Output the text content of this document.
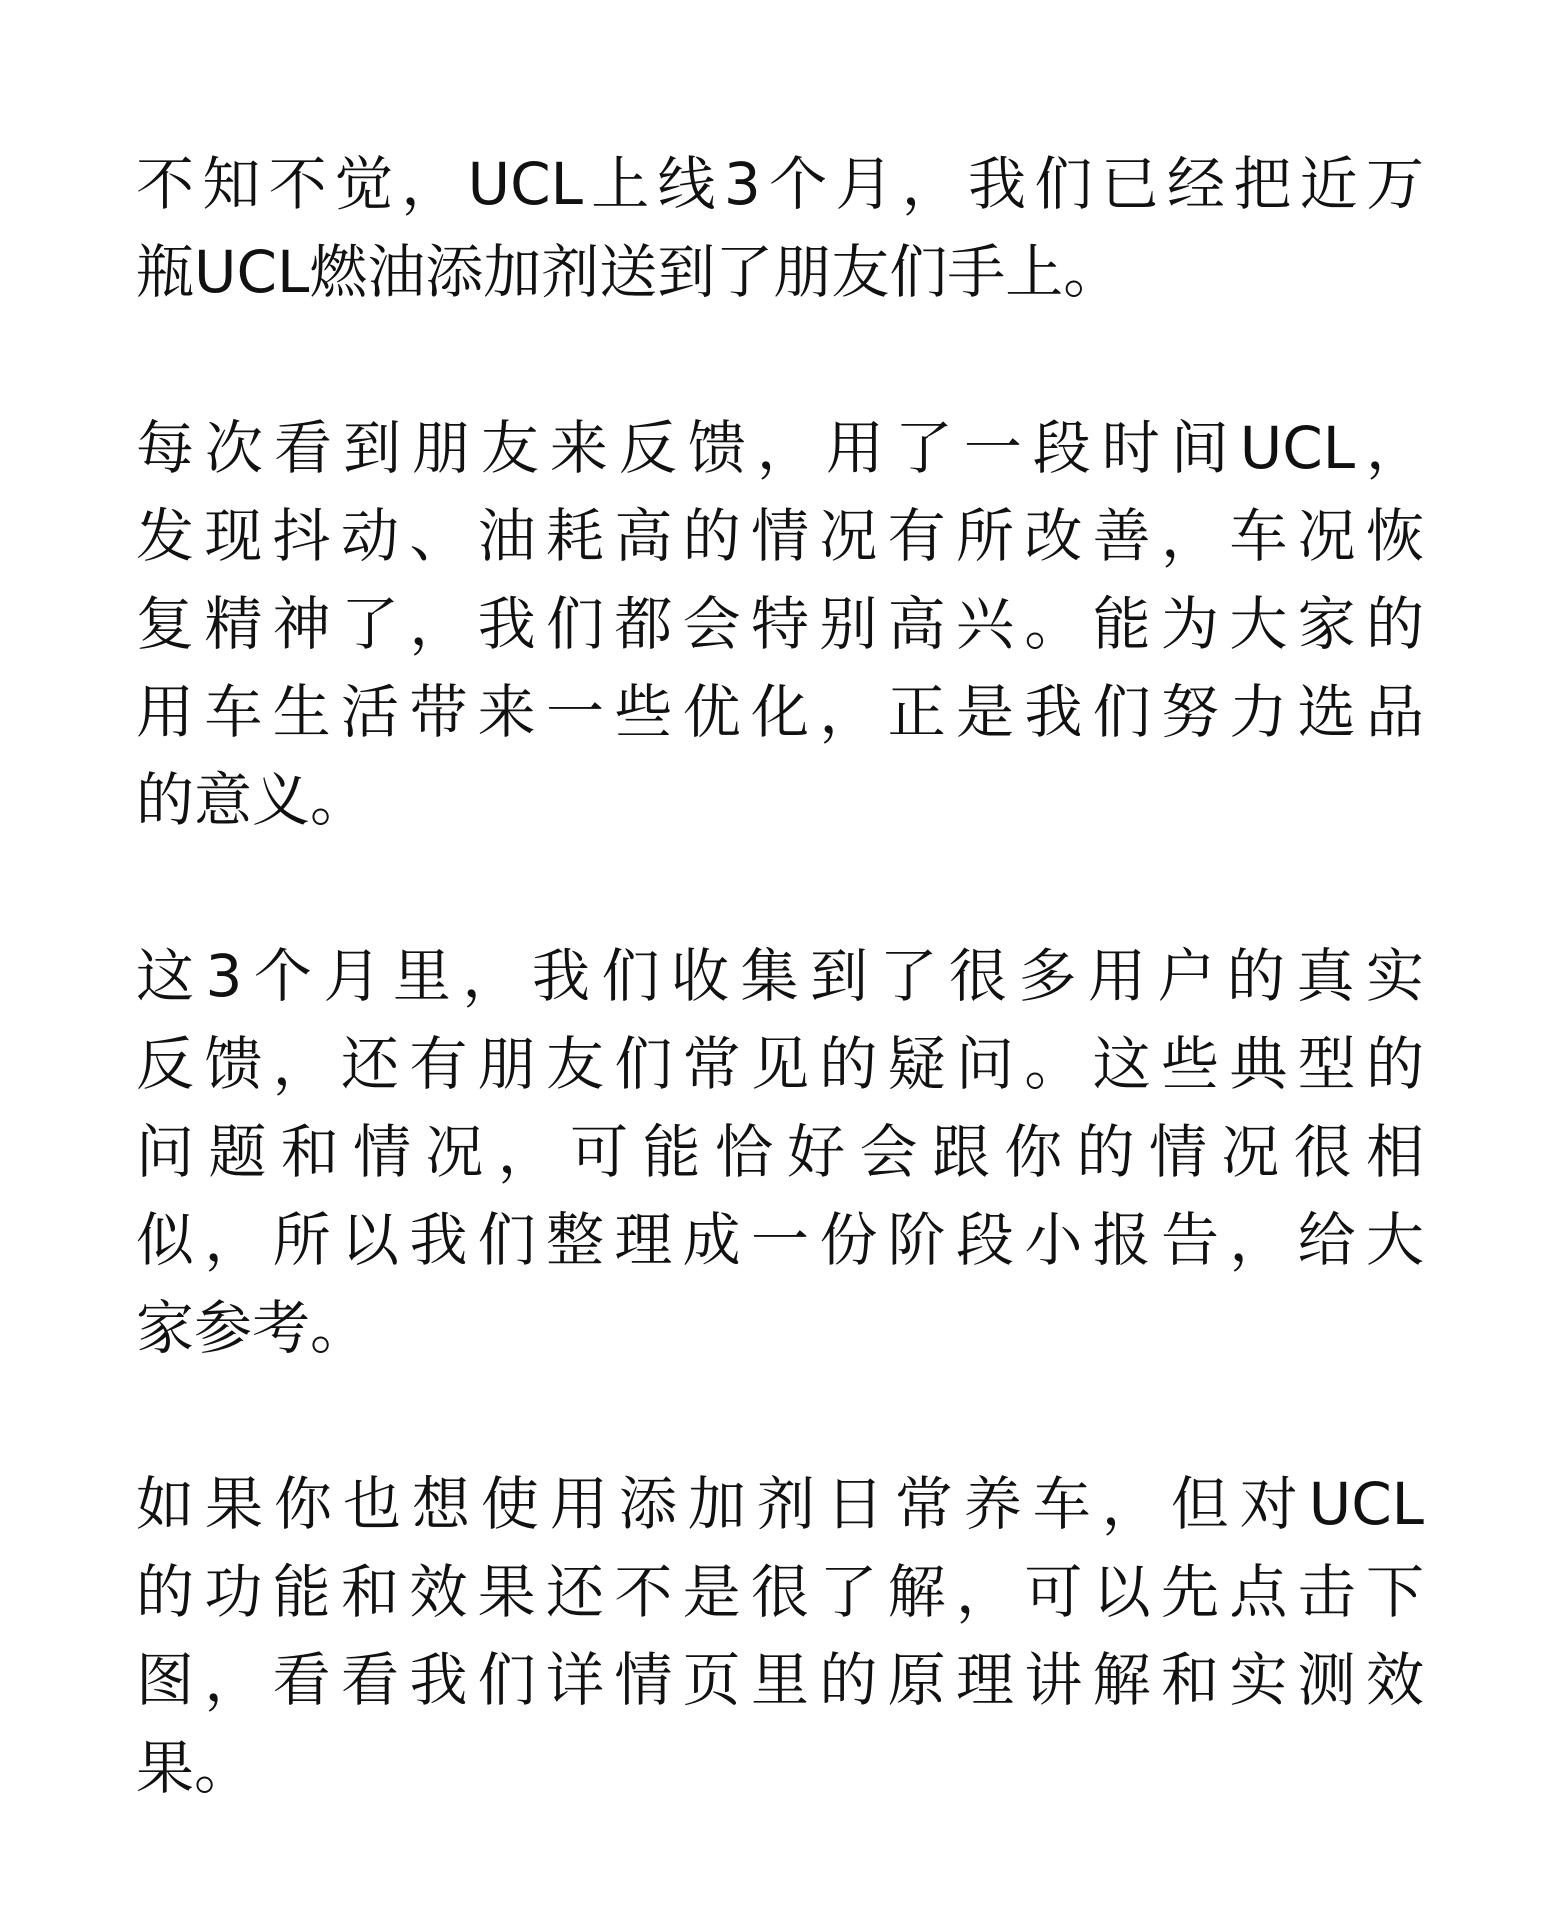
不知不觉，UCL上线3个月，我们已经把近万
瓶UCL燃油添加剂送到了朋友们手上。

每次看到朋友来反馈，用了一段时间UCL，
发现抖动、油耗高的情况有所改善，车况恢
复精神了，我们都会特别高兴。能为大家的
用车生活带来一些优化，正是我们努力选品
的意义。

这3个月里，我们收集到了很多用户的真实
反馈，还有朋友们常见的疑问。这些典型的
问题和情况，可能恰好会跟你的情况很相
似，所以我们整理成一份阶段小报告，给大
家参考。

如果你也想使用添加剂日常养车，但对UCL
的功能和效果还不是很了解，可以先点击下
图，看看我们详情页里的原理讲解和实测效
果。
